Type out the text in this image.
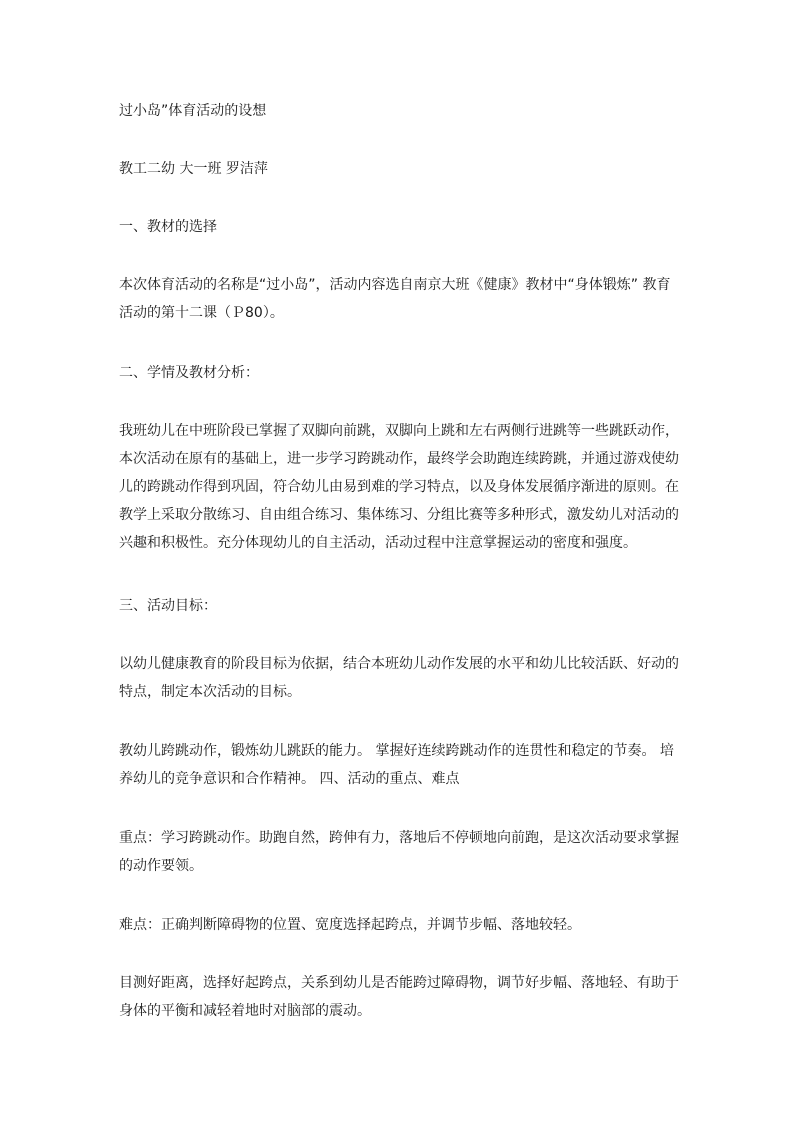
过小岛”体育活动的设想

教工二幼 大一班 罗洁萍

一、教材的选择

本次体育活动的名称是“过小岛”，活动内容选自南京大班《健康》教材中“身体锻炼” 教育活动的第十二课（Ｐ80）。

二、学情及教材分析：

我班幼儿在中班阶段已掌握了双脚向前跳，双脚向上跳和左右两侧行进跳等一些跳跃动作，本次活动在原有的基础上，进一步学习跨跳动作，最终学会助跑连续跨跳，并通过游戏使幼儿的跨跳动作得到巩固，符合幼儿由易到难的学习特点，以及身体发展循序渐进的原则。在教学上采取分散练习、自由组合练习、集体练习、分组比赛等多种形式，激发幼儿对活动的兴趣和积极性。充分体现幼儿的自主活动，活动过程中注意掌握运动的密度和强度。

三、活动目标：

以幼儿健康教育的阶段目标为依据，结合本班幼儿动作发展的水平和幼儿比较活跃、好动的特点，制定本次活动的目标。

教幼儿跨跳动作，锻炼幼儿跳跃的能力。 掌握好连续跨跳动作的连贯性和稳定的节奏。 培养幼儿的竞争意识和合作精神。 四、活动的重点、难点

重点：学习跨跳动作。助跑自然，跨伸有力，落地后不停顿地向前跑，是这次活动要求掌握的动作要领。

难点：正确判断障碍物的位置、宽度选择起跨点，并调节步幅、落地较轻。

目测好距离，选择好起跨点，关系到幼儿是否能跨过障碍物，调节好步幅、落地轻、有助于身体的平衡和减轻着地时对脑部的震动。
